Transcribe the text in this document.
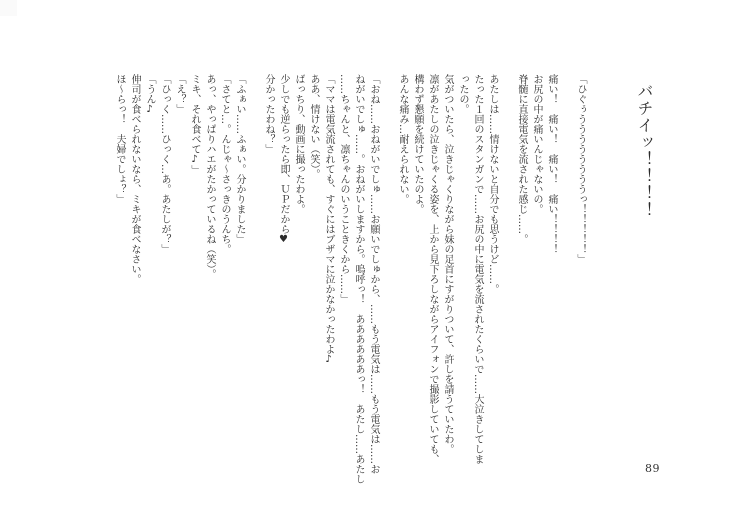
バチイッ！！！！
「ひぐぅううううううううっ！！！！！」
痛い！　痛い！　痛い！　痛い！！！！
お尻の中が痛いんじゃないの。
脊髄に直接電気を流された感じ……。
あたしは……情けないと自分でも思うけど……。
たった１回のスタンガンで……お尻の中に電気を流されたくらいで……大泣きしてしま
ったの。
気がついたら、泣きじゃくりながら妹の足首にすがりついて、許しを請うていたわ。
凛があたしの泣きじゃくる姿を、上から見下ろしながらアイフォンで撮影していても、
構わず懇願を続けていたのよ。
あんな痛み…耐えられない。
「おね……おねがいでしゅ……お願いでしゅから、……もう電気は……もう電気は……お
ねがいでしゅ……。おねがいしますから。嗚呼っ！　ああああああっ！　あたし……あたし
……ちゃんと、凛ちゃんのいうこときくから……」
「ママは電気流されても、すぐにはブザマに泣かなかったわよ♪
ああ、情けない（笑）。
ばっちり、動画に撮ったわよ。
少しでも逆らったら即、ＵＰだから♥
分かったわね？」
「ふぁい……ふぁい。分かりました」
「さてと…。んじゃ～さっきのうんち。
あっ、やっぱりハエがたかっているね（笑）。
ミキ、それ食べて♪」
「え？」
「ひっく……ひっく…あ。あたしが？」
「うん♪
伸司が食べられないなら、ミキが食べなさい。
ほ～らっ！　夫婦でしょ？」
89
